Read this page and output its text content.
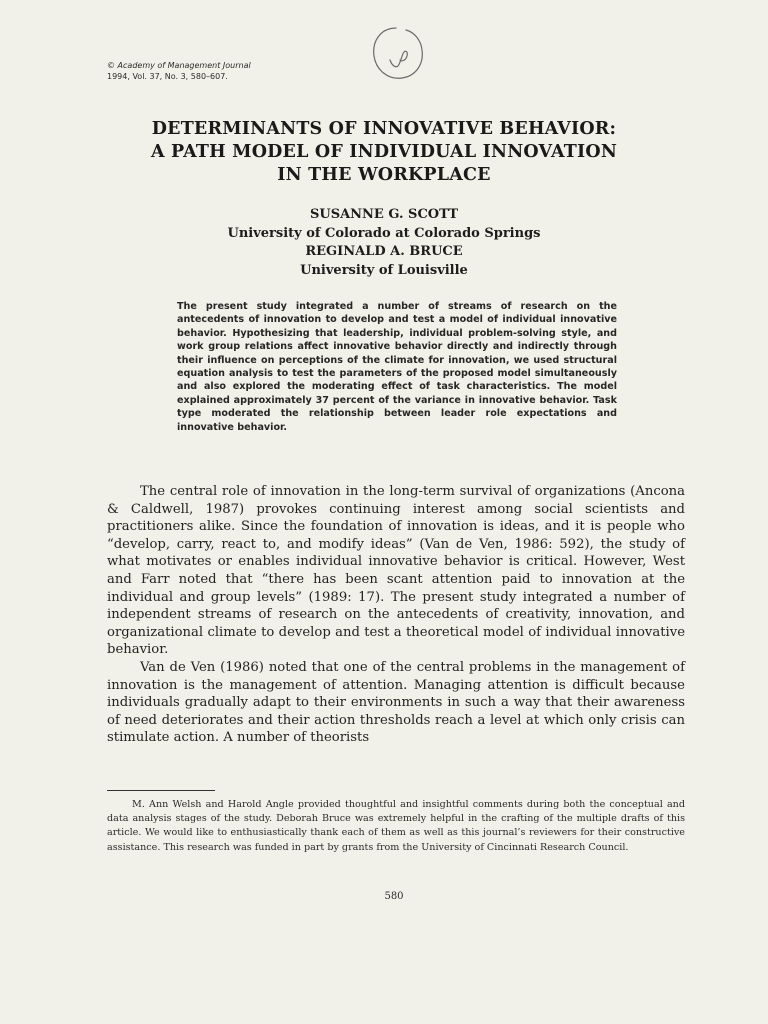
© Academy of Management Journal
1994, Vol. 37, No. 3, 580–607.
DETERMINANTS OF INNOVATIVE BEHAVIOR:
A PATH MODEL OF INDIVIDUAL INNOVATION
IN THE WORKPLACE
SUSANNE G. SCOTT
University of Colorado at Colorado Springs
REGINALD A. BRUCE
University of Louisville
The present study integrated a number of streams of research on the antecedents of innovation to develop and test a model of individual innovative behavior. Hypothesizing that leadership, individual problem-solving style, and work group relations affect innovative behavior directly and indirectly through their influence on perceptions of the climate for innovation, we used structural equation analysis to test the parameters of the proposed model simultaneously and also explored the moderating effect of task characteristics. The model explained approximately 37 percent of the variance in innovative behavior. Task type moderated the relationship between leader role expectations and innovative behavior.

The central role of innovation in the long-term survival of organizations (Ancona & Caldwell, 1987) provokes continuing interest among social scientists and practitioners alike. Since the foundation of innovation is ideas, and it is people who “develop, carry, react to, and modify ideas” (Van de Ven, 1986: 592), the study of what motivates or enables individual innovative behavior is critical. However, West and Farr noted that “there has been scant attention paid to innovation at the individual and group levels” (1989: 17). The present study integrated a number of independent streams of research on the antecedents of creativity, innovation, and organizational climate to develop and test a theoretical model of individual innovative behavior.

Van de Ven (1986) noted that one of the central problems in the management of innovation is the management of attention. Managing attention is difficult because individuals gradually adapt to their environments in such a way that their awareness of need deteriorates and their action thresholds reach a level at which only crisis can stimulate action. A number of theorists

M. Ann Welsh and Harold Angle provided thoughtful and insightful comments during both the conceptual and data analysis stages of the study. Deborah Bruce was extremely helpful in the crafting of the multiple drafts of this article. We would like to enthusiastically thank each of them as well as this journal’s reviewers for their constructive assistance. This research was funded in part by grants from the University of Cincinnati Research Council.
580
